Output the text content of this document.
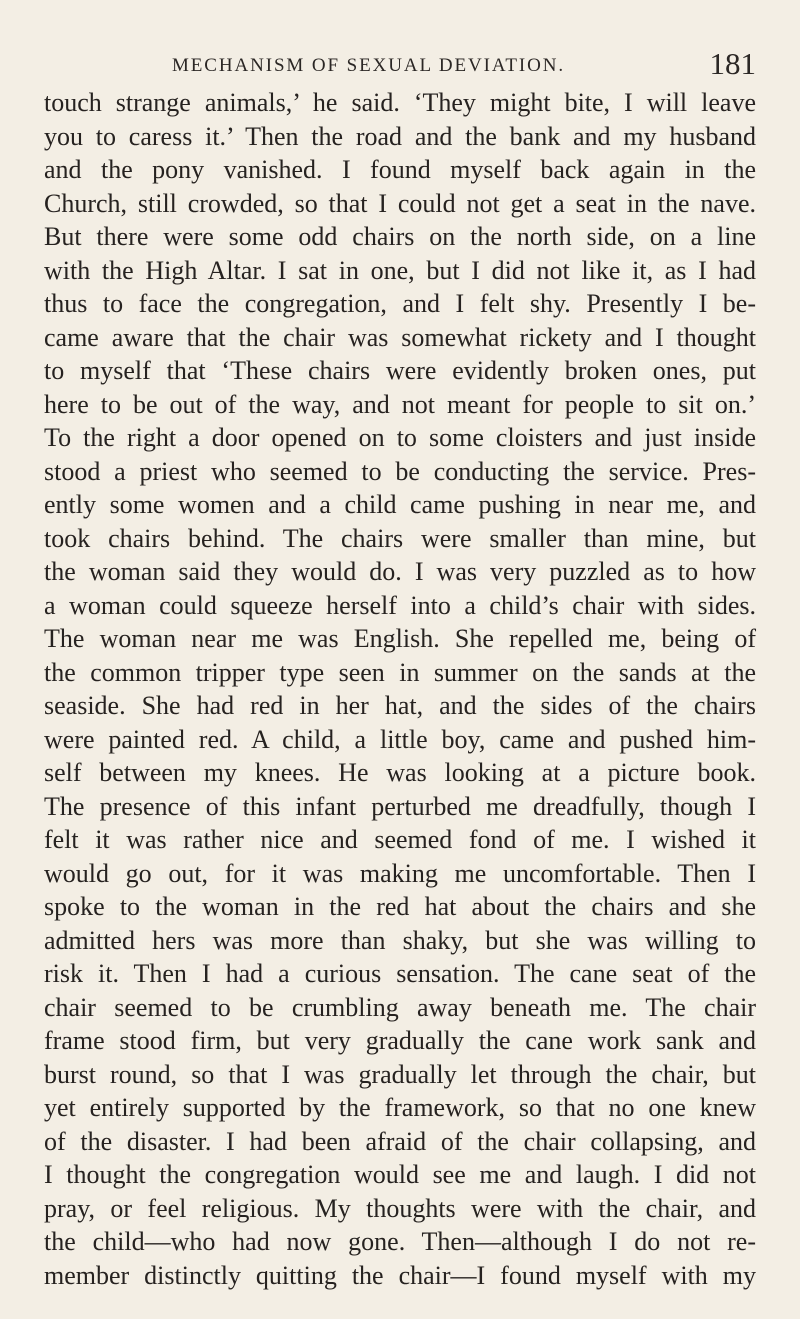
MECHANISM OF SEXUAL DEVIATION.	181
touch strange animals,’ he said. ‘They might bite, I will leave
you to caress it.’ Then the road and the bank and my husband
and the pony vanished. I found myself back again in the
Church, still crowded, so that I could not get a seat in the nave.
But there were some odd chairs on the north side, on a line
with the High Altar. I sat in one, but I did not like it, as I had
thus to face the congregation, and I felt shy. Presently I be-
came aware that the chair was somewhat rickety and I thought
to myself that ‘These chairs were evidently broken ones, put
here to be out of the way, and not meant for people to sit on.’
To the right a door opened on to some cloisters and just inside
stood a priest who seemed to be conducting the service. Pres-
ently some women and a child came pushing in near me, and
took chairs behind. The chairs were smaller than mine, but
the woman said they would do. I was very puzzled as to how
a woman could squeeze herself into a child’s chair with sides.
The woman near me was English. She repelled me, being of
the common tripper type seen in summer on the sands at the
seaside. She had red in her hat, and the sides of the chairs
were painted red. A child, a little boy, came and pushed him-
self between my knees. He was looking at a picture book.
The presence of this infant perturbed me dreadfully, though I
felt it was rather nice and seemed fond of me. I wished it
would go out, for it was making me uncomfortable. Then I
spoke to the woman in the red hat about the chairs and she
admitted hers was more than shaky, but she was willing to
risk it. Then I had a curious sensation. The cane seat of the
chair seemed to be crumbling away beneath me. The chair
frame stood firm, but very gradually the cane work sank and
burst round, so that I was gradually let through the chair, but
yet entirely supported by the framework, so that no one knew
of the disaster. I had been afraid of the chair collapsing, and
I thought the congregation would see me and laugh. I did not
pray, or feel religious. My thoughts were with the chair, and
the child—who had now gone. Then—although I do not re-
member distinctly quitting the chair—I found myself with my
